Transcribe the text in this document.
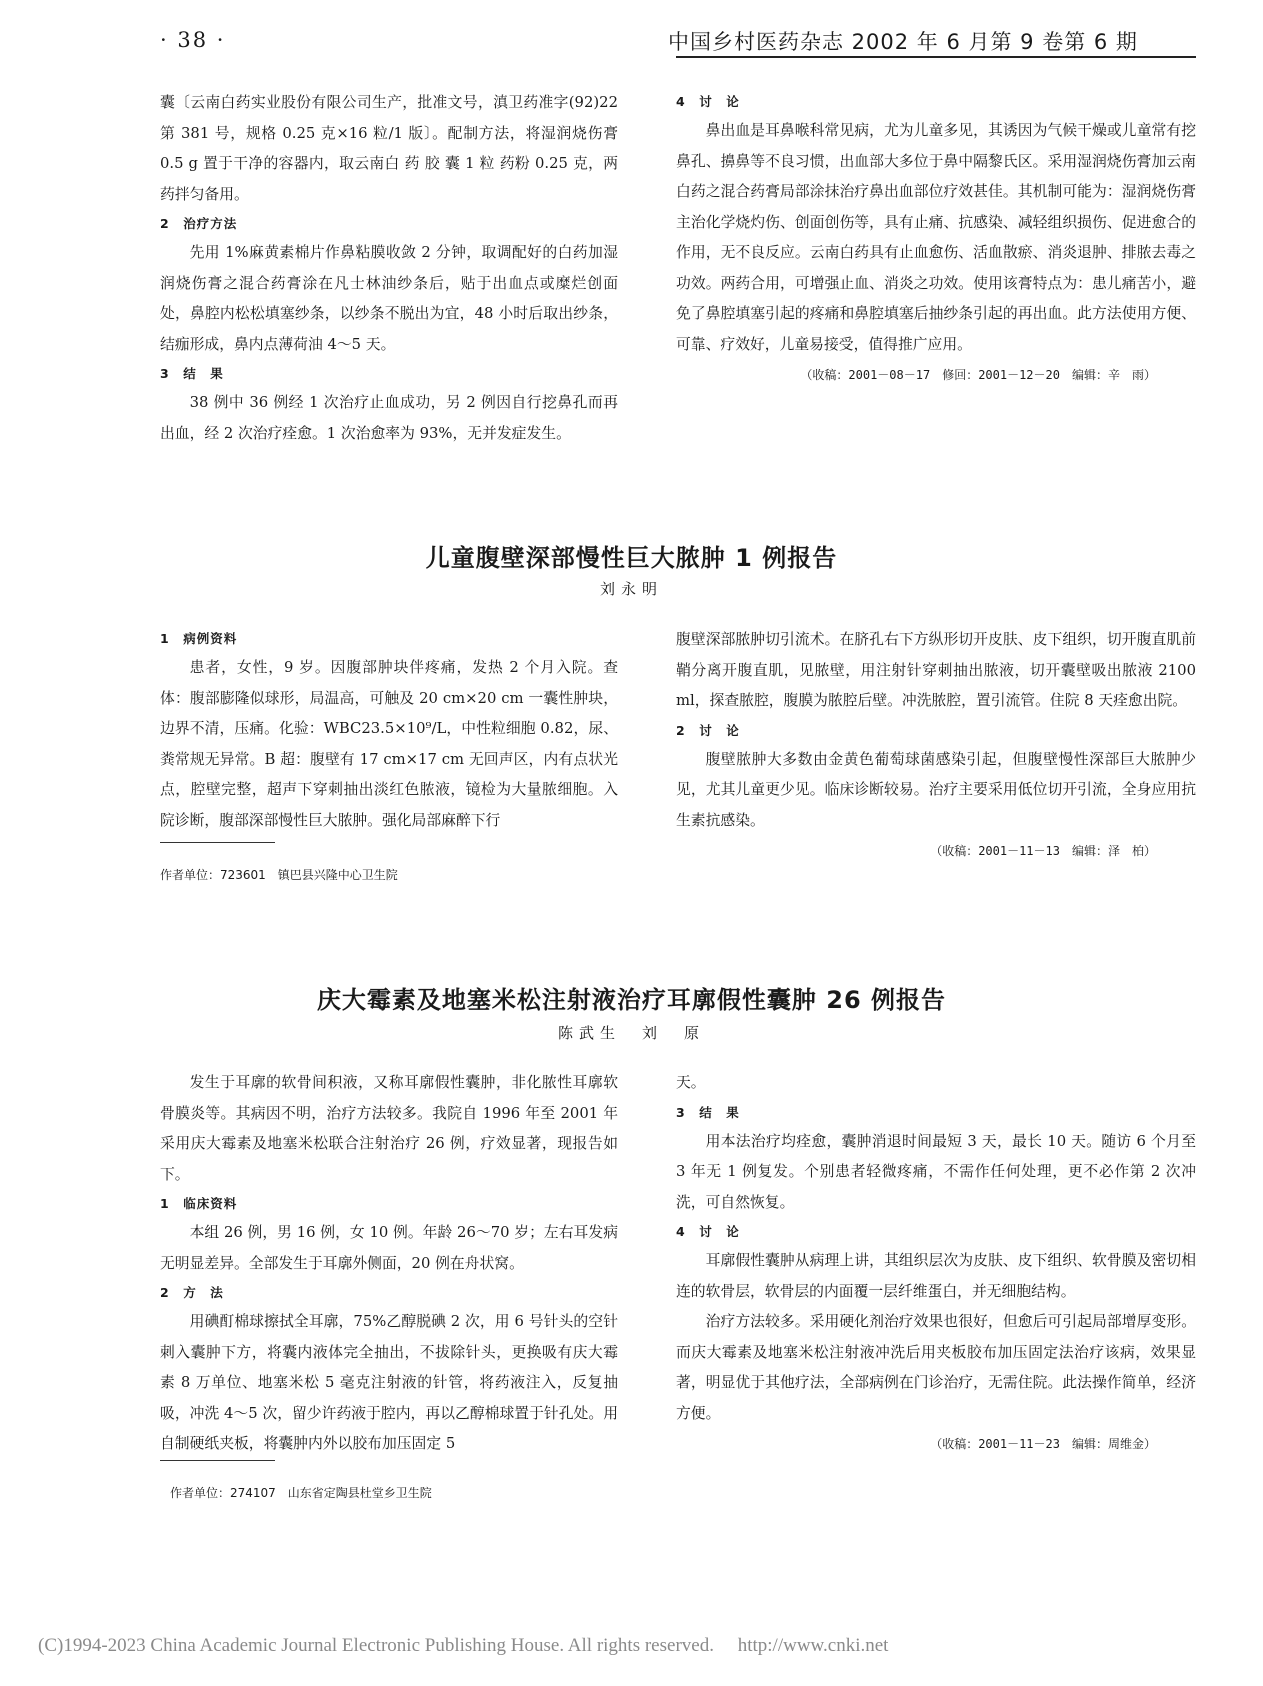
· 38 ·	中国乡村医药杂志 2002 年 6 月第 9 卷第 6 期

囊〔云南白药实业股份有限公司生产，批准文号，滇卫药准字(92)22 第 381 号，规格 0.25 克×16 粒/1 版〕。配制方法，将湿润烧伤膏 0.5 g 置于干净的容器内，取云南白 药 胶 囊 1 粒 药粉 0.25 克，两药拌匀备用。

2　治疗方法

先用 1%麻黄素棉片作鼻粘膜收敛 2 分钟，取调配好的白药加湿润烧伤膏之混合药膏涂在凡士林油纱条后，贴于出血点或糜烂创面处，鼻腔内松松填塞纱条，以纱条不脱出为宜，48 小时后取出纱条，结痂形成，鼻内点薄荷油 4～5 天。

3　结　果

38 例中 36 例经 1 次治疗止血成功，另 2 例因自行挖鼻孔而再出血，经 2 次治疗痊愈。1 次治愈率为 93%，无并发症发生。

4　讨　论

鼻出血是耳鼻喉科常见病，尤为儿童多见，其诱因为气候干燥或儿童常有挖鼻孔、擤鼻等不良习惯，出血部大多位于鼻中隔黎氏区。采用湿润烧伤膏加云南白药之混合药膏局部涂抹治疗鼻出血部位疗效甚佳。其机制可能为：湿润烧伤膏主治化学烧灼伤、创面创伤等，具有止痛、抗感染、减轻组织损伤、促进愈合的作用，无不良反应。云南白药具有止血愈伤、活血散瘀、消炎退肿、排脓去毒之功效。两药合用，可增强止血、消炎之功效。使用该膏特点为：患儿痛苦小，避免了鼻腔填塞引起的疼痛和鼻腔填塞后抽纱条引起的再出血。此方法使用方便、可靠、疗效好，儿童易接受，值得推广应用。

（收稿：2001－08－17　修回：2001－12－20　编辑：辛　雨）

儿童腹壁深部慢性巨大脓肿 1 例报告
刘永明

1　病例资料

患者，女性，9 岁。因腹部肿块伴疼痛，发热 2 个月入院。查体：腹部膨隆似球形，局温高，可触及 20 cm×20 cm 一囊性肿块，边界不清，压痛。化验：WBC23.5×10⁹/L，中性粒细胞 0.82，尿、粪常规无异常。B 超：腹壁有 17 cm×17 cm 无回声区，内有点状光点，腔壁完整，超声下穿刺抽出淡红色脓液，镜检为大量脓细胞。入院诊断，腹部深部慢性巨大脓肿。强化局部麻醉下行

腹壁深部脓肿切引流术。在脐孔右下方纵形切开皮肤、皮下组织，切开腹直肌前鞘分离开腹直肌，见脓壁，用注射针穿刺抽出脓液，切开囊壁吸出脓液 2100 ml，探查脓腔，腹膜为脓腔后壁。冲洗脓腔，置引流管。住院 8 天痊愈出院。

2　讨　论

腹壁脓肿大多数由金黄色葡萄球菌感染引起，但腹壁慢性深部巨大脓肿少见，尤其儿童更少见。临床诊断较易。治疗主要采用低位切开引流，全身应用抗生素抗感染。

（收稿：2001－11－13　编辑：泽　柏）

作者单位：723601　镇巴县兴隆中心卫生院
庆大霉素及地塞米松注射液治疗耳廓假性囊肿 26 例报告
陈武生　刘　原

发生于耳廓的软骨间积液，又称耳廓假性囊肿，非化脓性耳廓软骨膜炎等。其病因不明，治疗方法较多。我院自 1996 年至 2001 年采用庆大霉素及地塞米松联合注射治疗 26 例，疗效显著，现报告如下。

1　临床资料

本组 26 例，男 16 例，女 10 例。年龄 26～70 岁；左右耳发病无明显差异。全部发生于耳廓外侧面，20 例在舟状窝。

2　方　法

用碘酊棉球擦拭全耳廓，75%乙醇脱碘 2 次，用 6 号针头的空针刺入囊肿下方，将囊内液体完全抽出，不拔除针头，更换吸有庆大霉素 8 万单位、地塞米松 5 毫克注射液的针管，将药液注入，反复抽吸，冲洗 4～5 次，留少许药液于腔内，再以乙醇棉球置于针孔处。用自制硬纸夹板，将囊肿内外以胶布加压固定 5

天。

3　结　果

用本法治疗均痊愈，囊肿消退时间最短 3 天，最长 10 天。随访 6 个月至 3 年无 1 例复发。个别患者轻微疼痛，不需作任何处理，更不必作第 2 次冲洗，可自然恢复。

4　讨　论

耳廓假性囊肿从病理上讲，其组织层次为皮肤、皮下组织、软骨膜及密切相连的软骨层，软骨层的内面覆一层纤维蛋白，并无细胞结构。

治疗方法较多。采用硬化剂治疗效果也很好，但愈后可引起局部增厚变形。而庆大霉素及地塞米松注射液冲洗后用夹板胶布加压固定法治疗该病，效果显著，明显优于其他疗法，全部病例在门诊治疗，无需住院。此法操作简单，经济方便。

（收稿：2001－11－23　编辑：周维金）

作者单位：274107　山东省定陶县杜堂乡卫生院
(C)1994-2023 China Academic Journal Electronic Publishing House. All rights reserved.　 http://www.cnki.net
